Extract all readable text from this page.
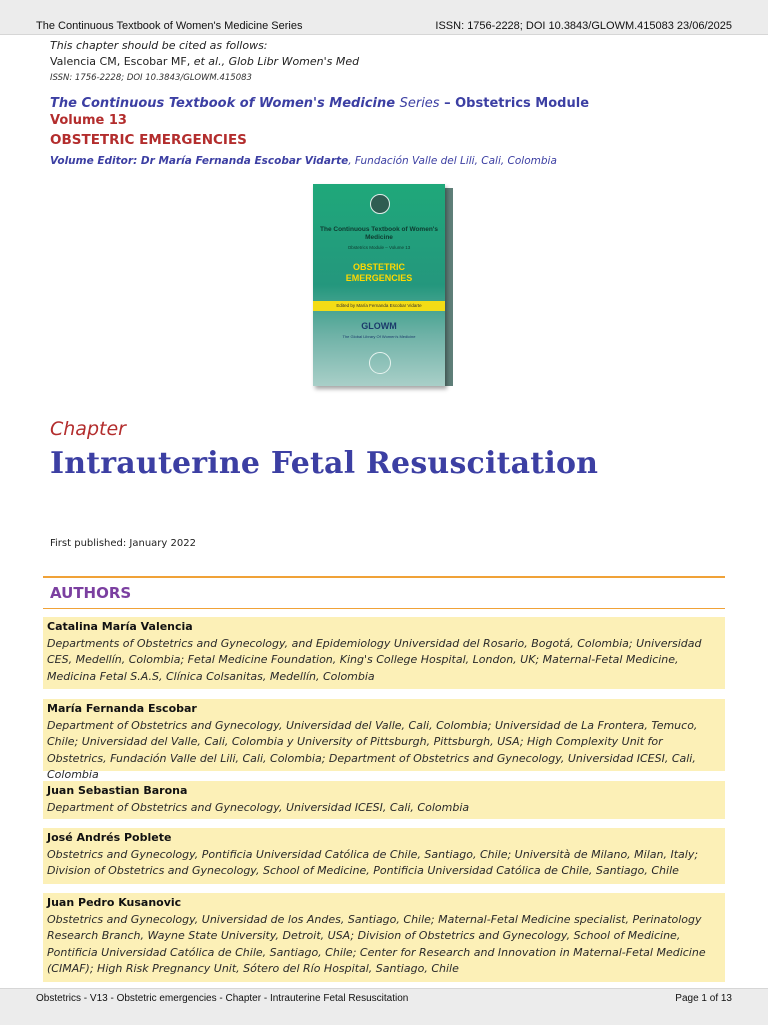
The Continuous Textbook of Women's Medicine Series	ISSN: 1756-2228; DOI 10.3843/GLOWM.415083 23/06/2025
This chapter should be cited as follows:
Valencia CM, Escobar MF, et al., Glob Libr Women's Med
ISSN: 1756-2228; DOI 10.3843/GLOWM.415083
The Continuous Textbook of Women's Medicine Series – Obstetrics Module
Volume 13
OBSTETRIC EMERGENCIES
Volume Editor: Dr María Fernanda Escobar Vidarte, Fundación Valle del Lili, Cali, Colombia
The Continuous Textbook of Women's Medicine
Obstetrics Module – Volume 13
OBSTETRIC EMERGENCIES
Edited by María Fernanda Escobar Vidarte
GLOWM
The Global Library Of Women's Medicine
Chapter
Intrauterine Fetal Resuscitation
First published: January 2022
AUTHORS
Catalina María Valencia
Departments of Obstetrics and Gynecology, and Epidemiology Universidad del Rosario, Bogotá, Colombia; Universidad CES, Medellín, Colombia; Fetal Medicine Foundation, King's College Hospital, London, UK; Maternal-Fetal Medicine, Medicina Fetal S.A.S, Clínica Colsanitas, Medellín, Colombia
María Fernanda Escobar
Department of Obstetrics and Gynecology, Universidad del Valle, Cali, Colombia; Universidad de La Frontera, Temuco, Chile; Universidad del Valle, Cali, Colombia y University of Pittsburgh, Pittsburgh, USA; High Complexity Unit for Obstetrics, Fundación Valle del Lili, Cali, Colombia; Department of Obstetrics and Gynecology, Universidad ICESI, Cali, Colombia
Juan Sebastian Barona
Department of Obstetrics and Gynecology, Universidad ICESI, Cali, Colombia
José Andrés Poblete
Obstetrics and Gynecology, Pontificia Universidad Católica de Chile, Santiago, Chile; Università de Milano, Milan, Italy; Division of Obstetrics and Gynecology, School of Medicine, Pontificia Universidad Católica de Chile, Santiago, Chile
Juan Pedro Kusanovic
Obstetrics and Gynecology, Universidad de los Andes, Santiago, Chile; Maternal-Fetal Medicine specialist, Perinatology Research Branch, Wayne State University, Detroit, USA; Division of Obstetrics and Gynecology, School of Medicine, Pontificia Universidad Católica de Chile, Santiago, Chile; Center for Research and Innovation in Maternal-Fetal Medicine (CIMAF); High Risk Pregnancy Unit, Sótero del Río Hospital, Santiago, Chile
Obstetrics - V13 - Obstetric emergencies - Chapter - Intrauterine Fetal Resuscitation	Page 1 of 13
